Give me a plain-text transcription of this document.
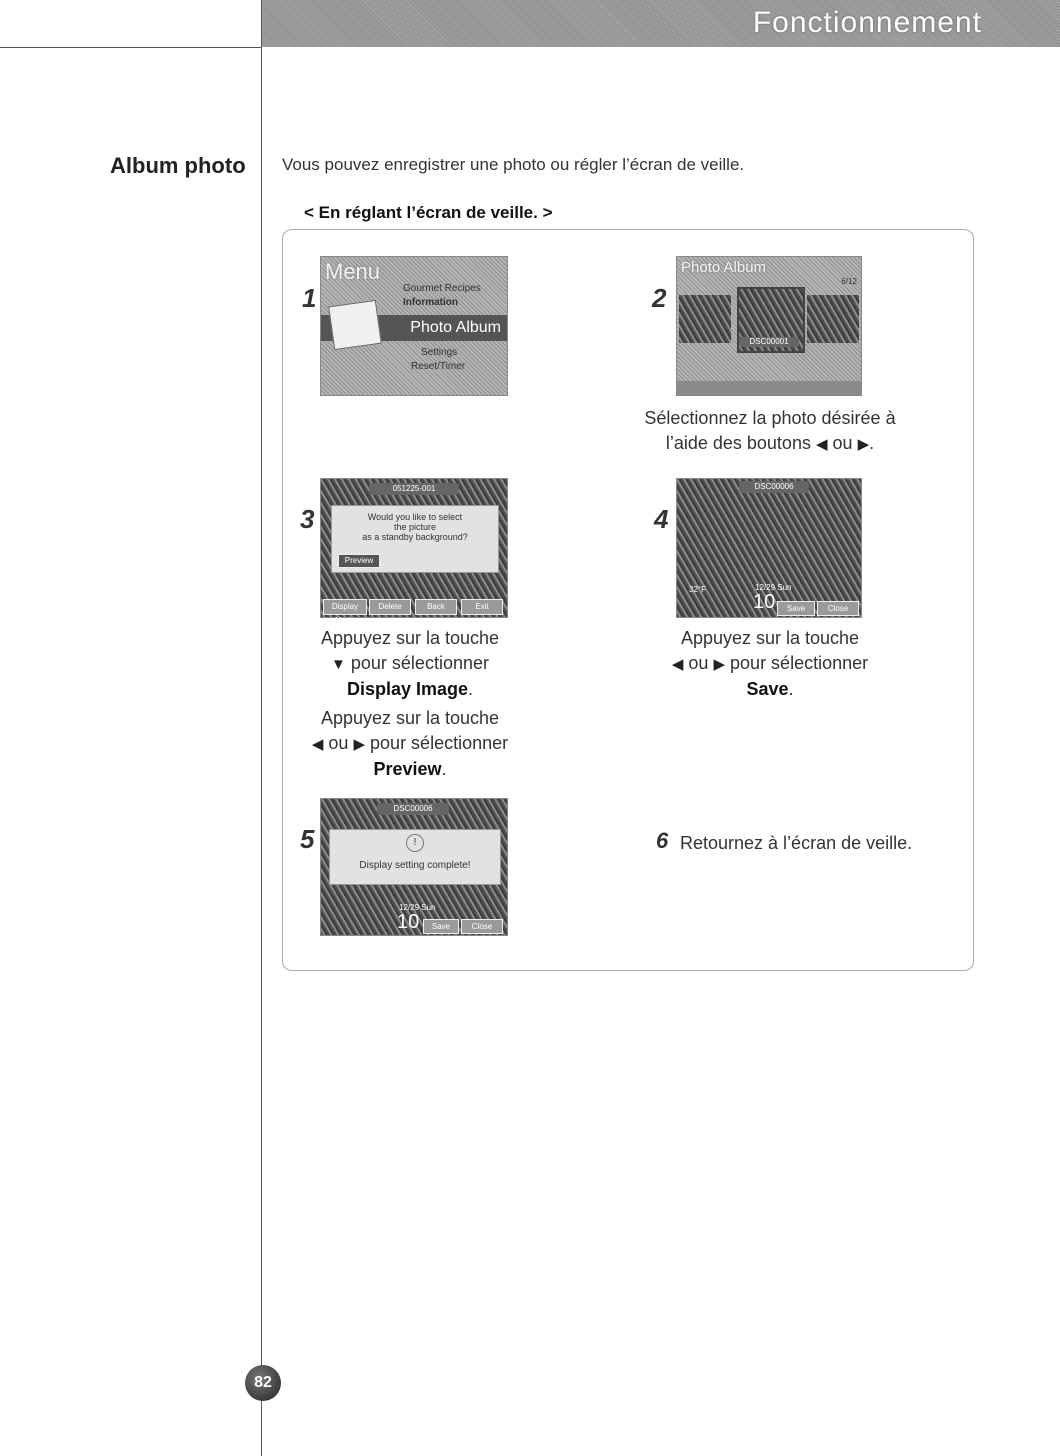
Fonctionnement
Album photo Vous pouvez enregistrer une photo ou régler l’écran de veille.
< En réglant l’écran de veille. >
1
Menu
Gourmet Recipes
Information
Photo Album
Settings
Reset/Timer
2
Photo Album
6/12
DSC00001
Sélectionnez la photo désirée à
l’aide des boutons ◀ ou ▶.
3
051225-001
Would you like to select
the picture
as a standby background?
Preview
Display Mode
Delete	Back	Exit
Appuyez sur la touche
▼ pour sélectionner
Display Image.

Appuyez sur la touche
◀ ou ▶ pour sélectionner
Preview.
4
DSC00006
32°F	12/29 Sun
10	Save	Close
Appuyez sur la touche
◀ ou ▶ pour sélectionner
Save.
5
DSC00006
!
Display setting complete!
12/29 Sun
10	Save	Close
6 Retournez à l’écran de veille.
82
